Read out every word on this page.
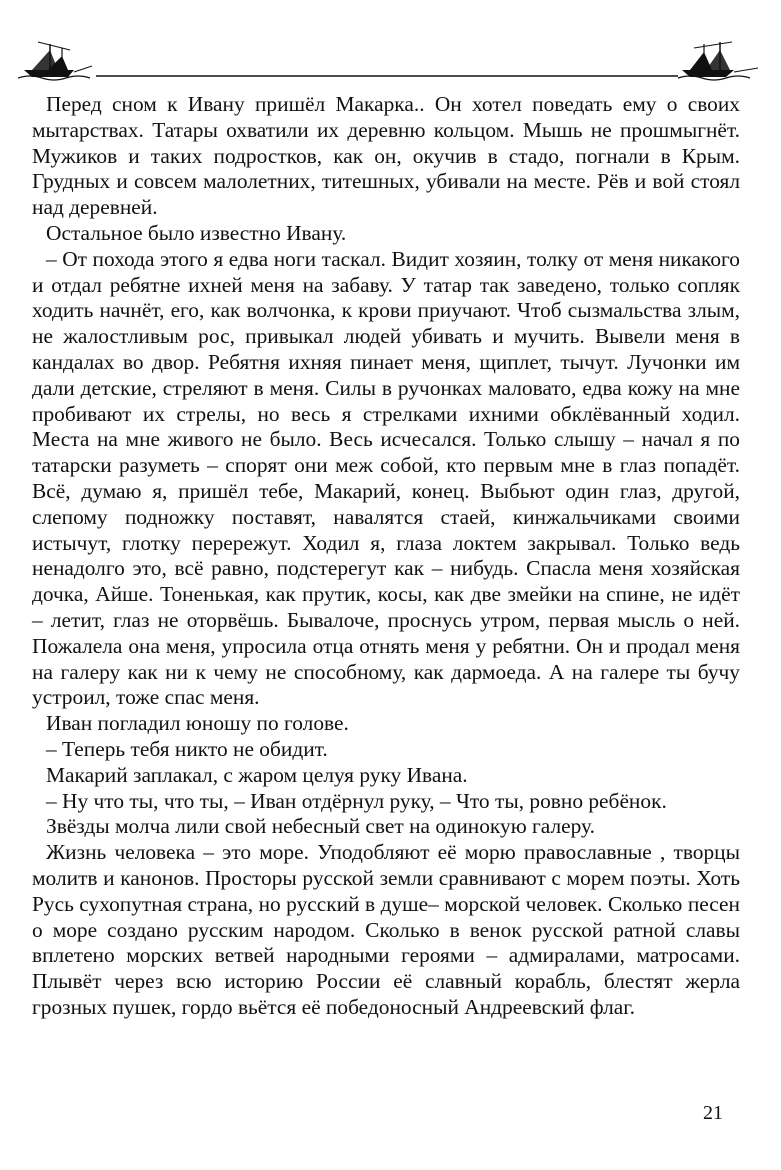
Перед сном к Ивану пришёл Макарка.. Он хотел поведать ему о своих мытарствах. Татары охватили их деревню кольцом. Мышь не прошмыгнёт. Мужиков и таких подростков, как он, окучив в стадо, погнали в Крым. Грудных и совсем малолетних, титешных, убивали на месте. Рёв и вой стоял над деревней.

Остальное было известно Ивану.

– От похода этого я едва ноги таскал. Видит хозяин, толку от меня никакого и отдал ребятне ихней меня на забаву. У татар так заведено, только сопляк ходить начнёт, его, как волчонка, к крови приучают. Чтоб сызмальства злым, не жалостливым рос, привыкал людей убивать и мучить. Вывели меня в кандалах во двор. Ребятня ихняя пинает меня, щиплет, тычут. Лучонки им дали детские, стреляют в меня. Силы в ручонках маловато, едва кожу на мне пробивают их стрелы, но весь я стрелками ихними обклёванный ходил. Места на мне живого не было. Весь исчесался. Только слышу – начал я по татарски разуметь – спорят они меж собой, кто первым мне в глаз попадёт. Всё, думаю я, пришёл тебе, Макарий, конец. Выбьют один глаз, другой, слепому подножку поставят, навалятся стаей, кинжальчиками своими истычут, глотку перережут. Ходил я, глаза локтем закрывал. Только ведь ненадолго это, всё равно, подстерегут как – нибудь. Спасла меня хозяйская дочка, Айше. Тоненькая, как прутик, косы, как две змейки на спине, не идёт – летит, глаз не оторвёшь. Бывалоче, проснусь утром, первая мысль о ней. Пожалела она меня, упросила отца отнять меня у ребятни. Он и продал меня на галеру как ни к чему не способному, как дармоеда. А на галере ты бучу устроил, тоже спас меня.

Иван погладил юношу по голове.

– Теперь тебя никто не обидит.

Макарий заплакал, с жаром целуя руку Ивана.

– Ну что ты, что ты, – Иван отдёрнул руку, – Что ты, ровно ребёнок.

Звёзды молча лили свой небесный свет на одинокую галеру.

Жизнь человека – это море. Уподобляют её морю православные , творцы молитв и канонов. Просторы русской земли сравнивают с морем поэты. Хоть Русь сухопутная страна, но русский в душе– морской человек. Сколько песен о море создано русским народом. Сколько в венок русской ратной славы вплетено морских ветвей народными героями – адмиралами, матросами. Плывёт через всю историю России её славный корабль, блестят жерла грозных пушек, гордо вьётся её победоносный Андреевский флаг.

21
